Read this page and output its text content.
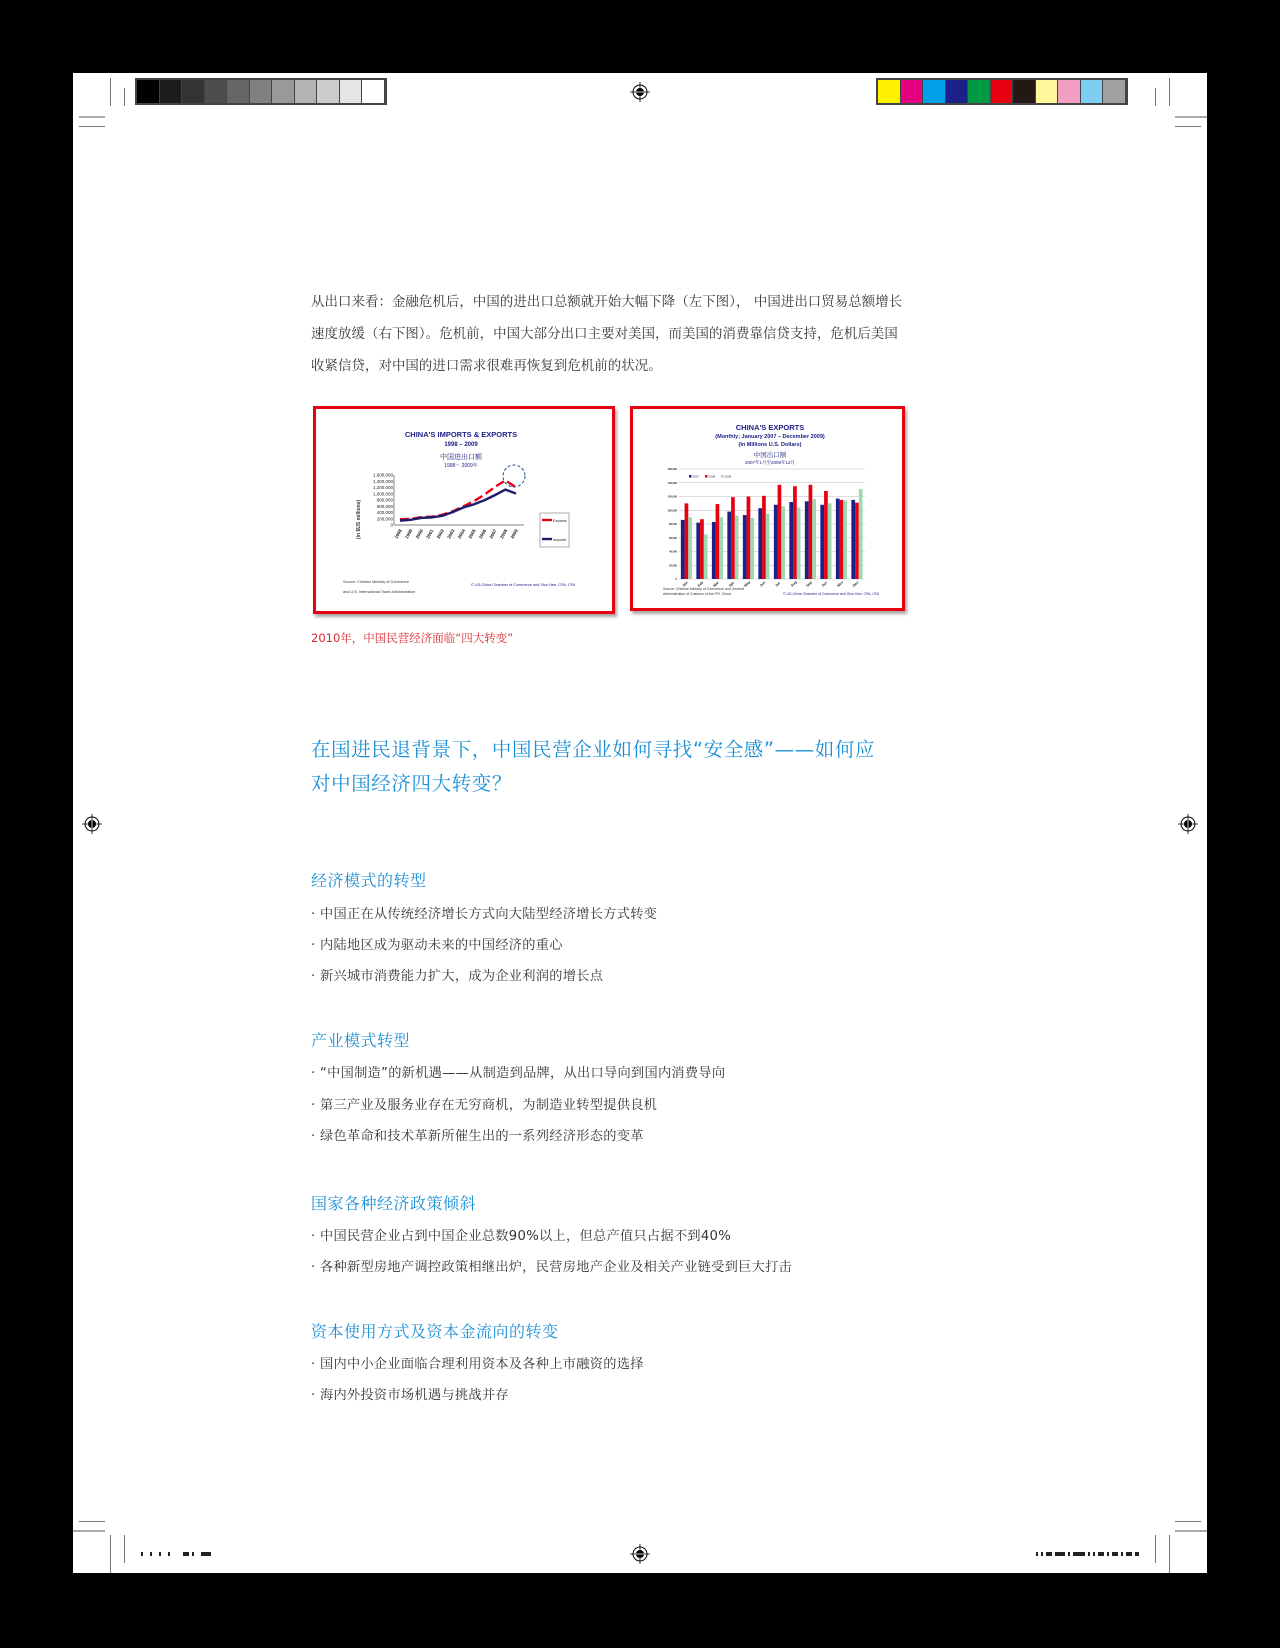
从出口来看：金融危机后，中国的进出口总额就开始大幅下降（左下图）， 中国进出口贸易总额增长速度放缓（右下图）。危机前，中国大部分出口主要对美国，而美国的消费靠信贷支持，危机后美国收紧信贷，对中国的进口需求很难再恢复到危机前的状况。
CHINA'S IMPORTS & EXPORTS
1998 – 2009
中国进出口额
1998～ 2009年
(in $US millions)	0
200,000
400,000
600,000
800,000
1,000,000
1,200,000
1,400,000
1,600,000
1998 1999 2000 2001 2002 2003 2004 2005 2006 2007 2008 2009
Exports
Imports
Source: Chinese Ministry of Commerce
and U.S. International Trade Administration
© US-China Chamber of Commerce and Siva Yam, CPA, CFA
CHINA'S EXPORTS
(Monthly; January 2007 – December 2009)
(In Millions U.S. Dollars)
中国出口额
2007年1月至2009年12月
0
20,000
40,000
60,000
80,000
100,000
120,000
140,000
160,000
2007	2008	2009
Jan Feb Mar Apr May Jun Jul	Aug Sep Oct Nov Dec
Source: Chinese Ministry of Commerce and General
Administration of Customs of the P.R. China	© US-China Chamber of Commerce and Siva Yam, CPA, CFA
2010年，中国民营经济面临“四大转变”
在国进民退背景下，中国民营企业如何寻找“安全感”——如何应对中国经济四大转变？
经济模式的转型
· 中国正在从传统经济增长方式向大陆型经济增长方式转变
· 内陆地区成为驱动未来的中国经济的重心
· 新兴城市消费能力扩大，成为企业利润的增长点
产业模式转型
· “中国制造”的新机遇——从制造到品牌，从出口导向到国内消费导向
· 第三产业及服务业存在无穷商机，为制造业转型提供良机
· 绿色革命和技术革新所催生出的一系列经济形态的变革
国家各种经济政策倾斜
· 中国民营企业占到中国企业总数90%以上，但总产值只占据不到40%
· 各种新型房地产调控政策相继出炉，民营房地产企业及相关产业链受到巨大打击
资本使用方式及资本金流向的转变
· 国内中小企业面临合理利用资本及各种上市融资的选择
· 海内外投资市场机遇与挑战并存
